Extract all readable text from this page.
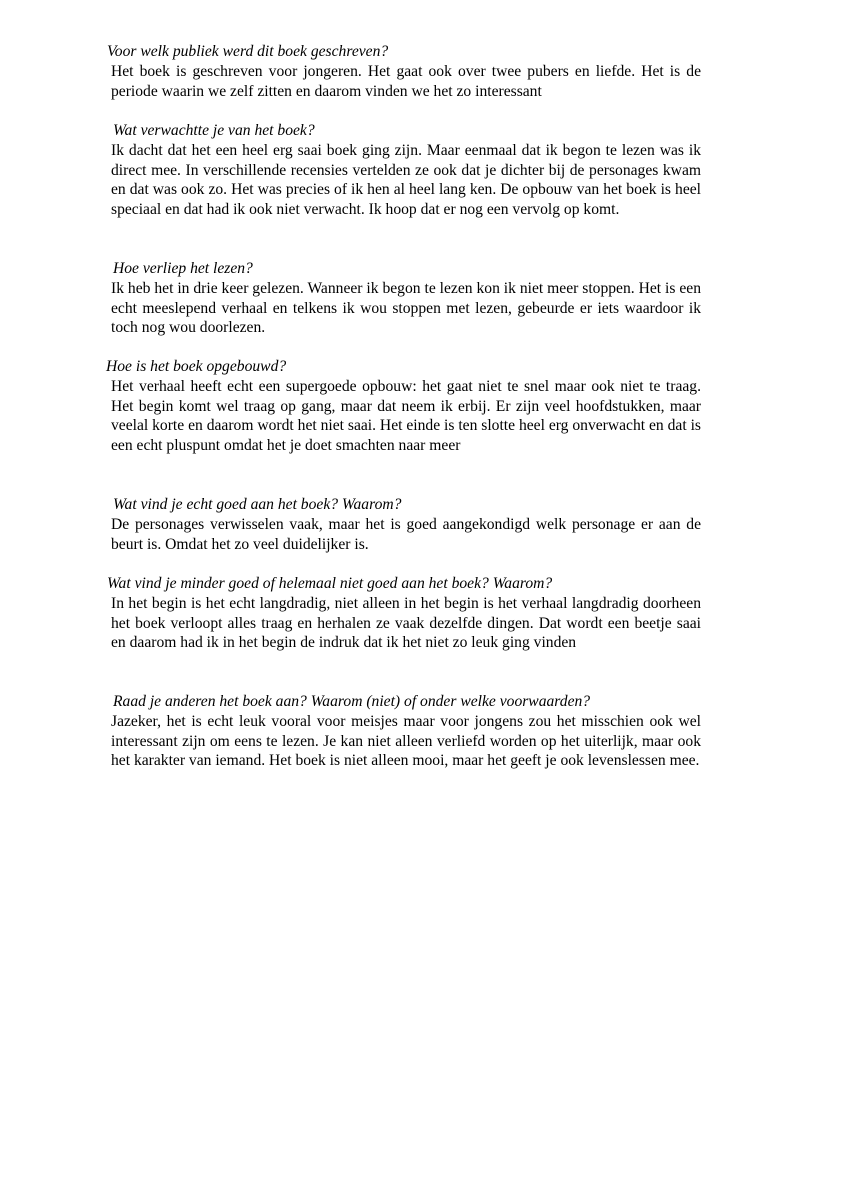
Voor welk publiek werd dit boek geschreven?

Het boek is geschreven voor jongeren. Het gaat ook over twee pubers en liefde. Het is de periode waarin we zelf zitten en daarom vinden we het zo interessant

Wat verwachtte je van het boek?

Ik dacht dat het een heel erg saai boek ging zijn. Maar eenmaal dat ik begon te lezen was ik direct mee. In verschillende recensies vertelden ze ook dat je dichter bij de personages kwam en dat was ook zo. Het was precies of ik hen al heel lang ken. De opbouw van het boek is heel speciaal en dat had ik ook niet verwacht. Ik hoop dat er nog een vervolg op komt.

Hoe verliep het lezen?

Ik heb het in drie keer gelezen. Wanneer ik begon te lezen kon ik niet meer stoppen. Het is een echt meeslepend verhaal en telkens ik wou stoppen met lezen, gebeurde er iets waardoor ik toch nog wou doorlezen.

Hoe is het boek opgebouwd?

Het verhaal heeft echt een supergoede opbouw: het gaat niet te snel maar ook niet te traag. Het begin komt wel traag op gang, maar dat neem ik erbij. Er zijn veel hoofdstukken, maar veelal korte en daarom wordt het niet saai. Het einde is ten slotte heel erg onverwacht en dat is een echt pluspunt omdat het je doet smachten naar meer

Wat vind je echt goed aan het boek? Waarom?

De personages verwisselen vaak, maar het is goed aangekondigd welk personage er aan de beurt is. Omdat het zo veel duidelijker is.

Wat vind je minder goed of helemaal niet goed aan het boek? Waarom?

In het begin is het echt langdradig, niet alleen in het begin is het verhaal langdradig doorheen het boek verloopt alles traag en herhalen ze vaak dezelfde dingen. Dat wordt een beetje saai en daarom had ik in het begin de indruk dat ik het niet zo leuk ging vinden

Raad je anderen het boek aan? Waarom (niet) of onder welke voorwaarden?

Jazeker, het is echt leuk vooral voor meisjes maar voor jongens zou het misschien ook wel interessant zijn om eens te lezen. Je kan niet alleen verliefd worden op het uiterlijk, maar ook het karakter van iemand. Het boek is niet alleen mooi, maar het geeft je ook levenslessen mee.
